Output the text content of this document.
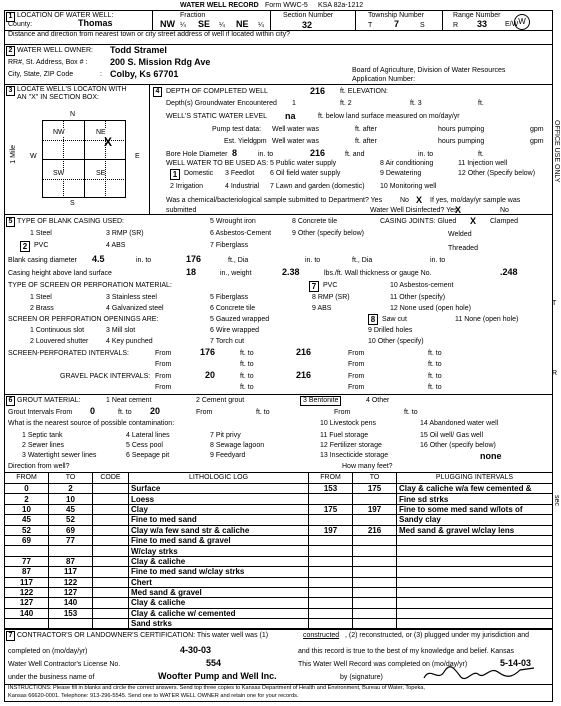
WATER WELL RECORD Form WWC-5 KSA 82a-1212
1 LOCATION OF WATER WELL:
County:	Thomas
Fraction
NW ¼ SE ¼ NE ¼
Section Number
32
Township Number
T 7	S
Range Number
R 33	E/W W
Distance and direction from nearest town or city street address of well if located within city?
2 WATER WELL OWNER: Todd Stramel
RR#, St. Address, Box # :	200 S. Mission Rdg Ave
City, State, ZIP Code	: Colby, Ks 67701	Board of Agriculture, Division of Water Resources
Application Number:
3 LOCATE WELL'S LOCATON WITH
AN "X" IN SECTION BOX:
N
S
W	E
NW	NE
SW	SE
X
1 Mile
4 DEPTH OF COMPLETED WELL	216 ft. ELEVATION:
Depth(s) Groundwater Encountered 1	ft. 2	ft. 3	ft.
WELL'S STATIC WATER LEVEL na	ft. below land surface measured on mo/day/yr
Pump test data: Well water was	ft. after	hours pumping	gpm
Est. Yield gpm Well water was	ft. after	hours pumping	gpm
Bore Hole Diameter 8	in. to	216	ft. and	in. to	ft.
WELL WATER TO BE USED AS:
1 Domestic
2 Irrigation	4 Industrial
3 Feedlot
5 Public water supply
6 Oil field water supply
7 Lawn and garden (domestic)
8 Air conditioning
9 Dewatering
10 Monitoring well
11 Injection well
12 Other (Specify below)
Was a chemical/bacteriological sample submitted to Department? Yes	No X If yes, mo/day/yr sample was
submitted	Water Well Disinfected? Yes
X	No
5 TYPE OF BLANK CASING USED:
1 Steel
2 PVC
3 RMP (SR)
4 ABS
5 Wrought iron
6 Asbestos-Cement
7 Fiberglass
8 Concrete tile
9 Other (specify below)
CASING JOINTS: Glued X Clamped
Welded
Threaded
Blank casing diameter 4.5	in. to	176	ft., Dia	in. to	ft., Dia	in. to
Casing height above land surface	18	in., weight	2.38	lbs./ft. Wall thickness or gauge No.	.248
TYPE OF SCREEN OR PERFORATION MATERIAL:
1 Steel
2 Brass
3 Stainless steel
4 Galvanized steel
5 Fiberglass
6 Concrete tile
7 PVC
8 RMP (SR)
9 ABS
10 Asbestos-cement
11 Other (specify)
12 None used (open hole)
SCREEN OR PERFORATION OPENINGS ARE:
1 Continuous slot
2 Louvered shutter
3 Mill slot
4 Key punched
5 Gauzed wrapped
6 Wire wrapped
7 Torch cut
8 Saw cut
9 Drilled holes
10 Other (specify)
11 None (open hole)
SCREEN-PERFORATED INTERVALS:	From	176	ft. to	216	From	ft. to
From	ft. to	From	ft. to
GRAVEL PACK INTERVALS: From	20	ft. to	216	From	ft. to
From	ft. to	From	ft. to
6 GROUT MATERIAL:	1 Neat cement	2 Cement grout	3 Bentonite	4 Other
Grout Intervals From 0	ft. to 20	From	ft. to	From	ft. to
What is the nearest source of possible contamination:
1 Septic tank
2 Sewer lines
3 Watertight sewer lines
4 Lateral lines
5 Cess pool
6 Seepage pit
7 Pit privy
8 Sewage lagoon
9 Feedyard
10 Livestock pens
11 Fuel storage
12 Fertilizer storage
13 Insecticide storage
14 Abandoned water well
15 Oil well/ Gas well
16 Other (specify below)
none
Direction from well?	How many feet?
FROM	TO	CODE	LITHOLOGIC LOG	FROM	TO	PLUGGING INTERVALS
0	2		Surface	153	175	Clay & caliche w/a few cemented &
2	10		Loess			Fine sd strks
10	45		Clay	175	197	Fine to some med sand w/lots of
45	52		Fine to med sand			Sandy clay
52	69		Clay w/a few sand str & caliche	197	216	Med sand & gravel w/clay lens
69	77		Fine to med sand & gravel			
			W/clay strks			
77	87		Clay & caliche			
87	117		Fine to med sand w/clay strks			
117	122		Chert			
122	127		Med sand & gravel			
127	140		Clay & caliche			
140	153		Clay & caliche w/ cemented			
			Sand strks			
7 CONTRACTOR'S OR LANDOWNER'S CERTIFICATION: This water well was (1)	constructed , (2) reconstructed, or (3) plugged under my jurisdiction and
completed on (mo/day/yr)	4-30-03	and this record is true to the best of my knowledge and belief. Kansas
Water Well Contractor's License No.	554	This Water Well Record was completed on (mo/day/yr)	5-14-03
under the business name of	Woofter Pump and Well Inc.	by (signature)
INSTRUCTIONS: Please fill in blanks and circle the correct answers. Send top three copies to Kansas Department of Health and Environment, Bureau of Water, Topeka,
Kansas 66620-0001. Telephone: 913-296-5545. Send one to WATER WELL OWNER and retain one for your records.
OFFICE USE ONLY
T
R
sec
